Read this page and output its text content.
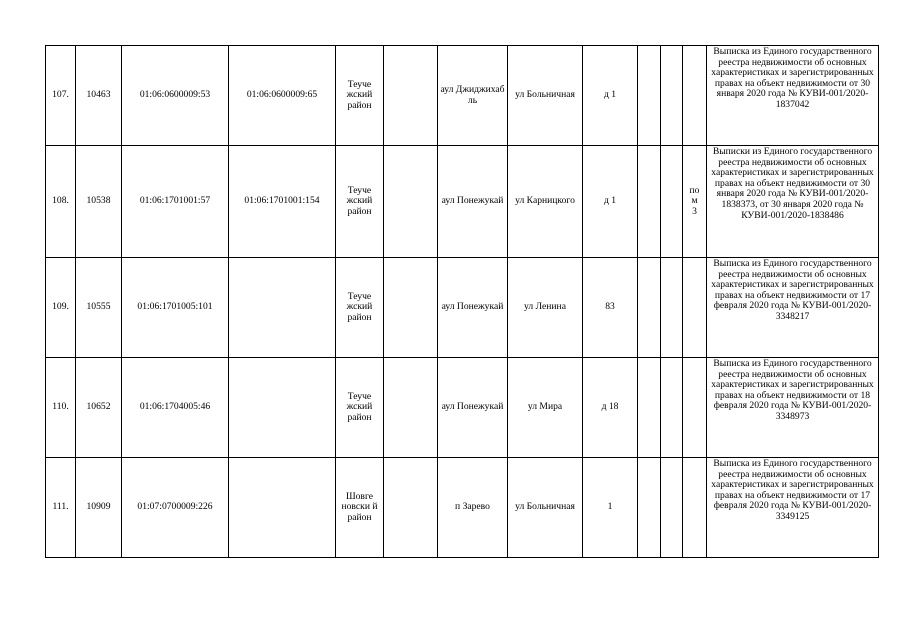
107.	10463	01:06:0600009:53	01:06:0600009:65	Теуче жский район		аул Джиджихаб ль	ул Больничная	д 1				Выписка из Единого государственного реестра недвижимости об основных характеристиках и зарегистрированных правах на объект недвижимости от 30 января 2020 года № КУВИ-001/2020-1837042
108.	10538	01:06:1701001:57	01:06:1701001:154	Теуче жский район		аул Понежукай	ул Карницкого	д 1			по м 3	Выписки из Единого государственного реестра недвижимости об основных характеристиках и зарегистрированных правах на объект недвижимости от 30 января 2020 года № КУВИ-001/2020-1838373, от 30 января 2020 года № КУВИ-001/2020-1838486
109.	10555	01:06:1701005:101		Теуче жский район		аул Понежукай	ул Ленина	83				Выписка из Единого государственного реестра недвижимости об основных характеристиках и зарегистрированных правах на объект недвижимости от 17 февраля 2020 года № КУВИ-001/2020-3348217
110.	10652	01:06:1704005:46		Теуче жский район		аул Понежукай	ул Мира	д 18				Выписка из Единого государственного реестра недвижимости об основных характеристиках и зарегистрированных правах на объект недвижимости от 18 февраля 2020 года № КУВИ-001/2020-3348973
111.	10909	01:07:0700009:226		Шовге новски й район		п Зарево	ул Больничная	1				Выписка из Единого государственного реестра недвижимости об основных характеристиках и зарегистрированных правах на объект недвижимости от 17 февраля 2020 года № КУВИ-001/2020-3349125
